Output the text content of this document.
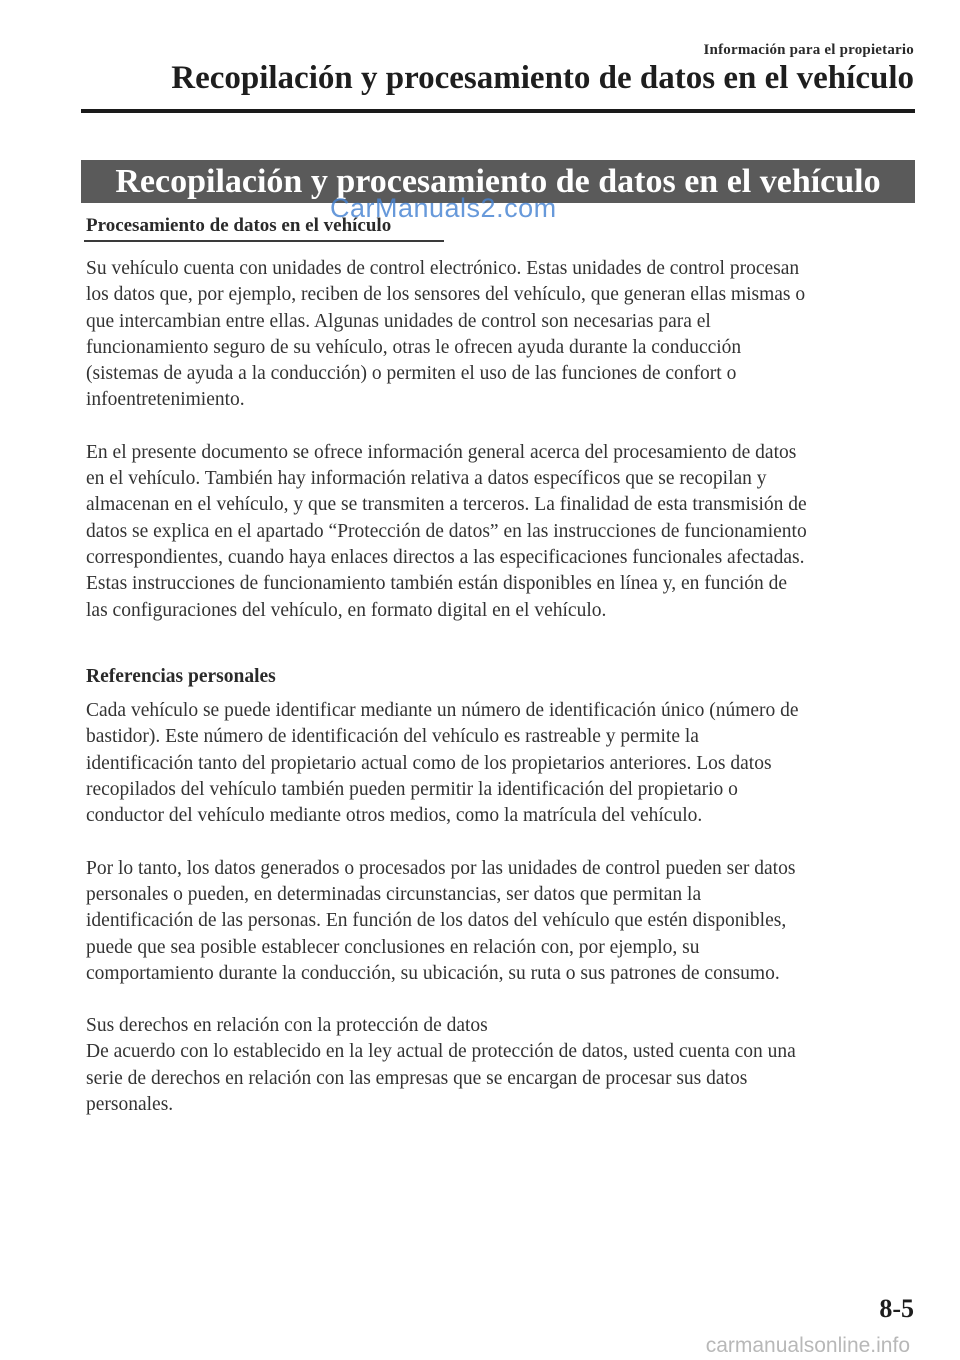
Información para el propietario
Recopilación y procesamiento de datos en el vehículo
Recopilación y procesamiento de datos en el vehículo
CarManuals2.com
Procesamiento de datos en el vehículo

Su vehículo cuenta con unidades de control electrónico. Estas unidades de control procesan
los datos que, por ejemplo, reciben de los sensores del vehículo, que generan ellas mismas o
que intercambian entre ellas. Algunas unidades de control son necesarias para el
funcionamiento seguro de su vehículo, otras le ofrecen ayuda durante la conducción
(sistemas de ayuda a la conducción) o permiten el uso de las funciones de confort o
infoentretenimiento.

En el presente documento se ofrece información general acerca del procesamiento de datos
en el vehículo. También hay información relativa a datos específicos que se recopilan y
almacenan en el vehículo, y que se transmiten a terceros. La finalidad de esta transmisión de
datos se explica en el apartado “Protección de datos” en las instrucciones de funcionamiento
correspondientes, cuando haya enlaces directos a las especificaciones funcionales afectadas.
Estas instrucciones de funcionamiento también están disponibles en línea y, en función de
las configuraciones del vehículo, en formato digital en el vehículo.

Referencias personales

Cada vehículo se puede identificar mediante un número de identificación único (número de
bastidor). Este número de identificación del vehículo es rastreable y permite la
identificación tanto del propietario actual como de los propietarios anteriores. Los datos
recopilados del vehículo también pueden permitir la identificación del propietario o
conductor del vehículo mediante otros medios, como la matrícula del vehículo.

Por lo tanto, los datos generados o procesados por las unidades de control pueden ser datos
personales o pueden, en determinadas circunstancias, ser datos que permitan la
identificación de las personas. En función de los datos del vehículo que estén disponibles,
puede que sea posible establecer conclusiones en relación con, por ejemplo, su
comportamiento durante la conducción, su ubicación, su ruta o sus patrones de consumo.

Sus derechos en relación con la protección de datos
De acuerdo con lo establecido en la ley actual de protección de datos, usted cuenta con una
serie de derechos en relación con las empresas que se encargan de procesar sus datos
personales.

8-5
carmanualsonline.info
